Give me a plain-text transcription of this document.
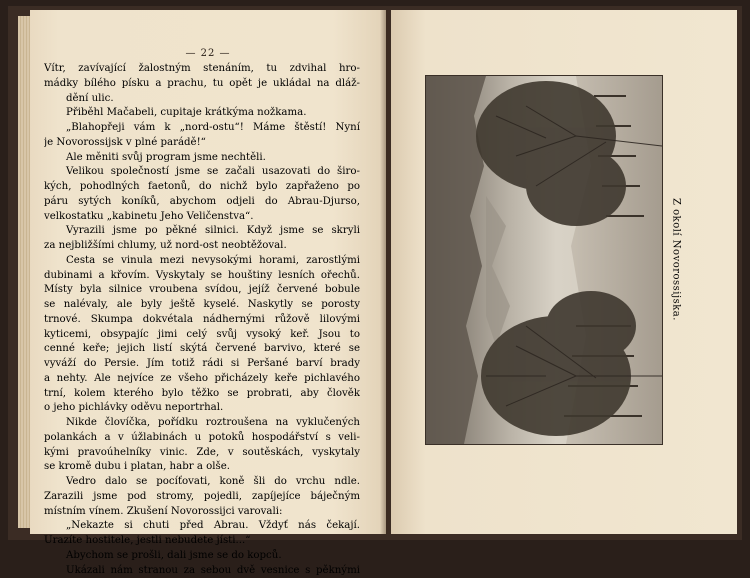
— 22 —
Vítr, zavívající žalostným stenáním, tu zdvihal hro-
mádky bílého písku a prachu, tu opět je ukládal na dláž-
dění ulic.
Přiběhl Mačabeli, cupitaje krátkýma nožkama.
„Blahopřeji vám k „nord-ostu“! Máme štěstí! Nyní
je Novorossijsk v plné parádě!“
Ale měniti svůj program jsme nechtěli.
Velikou společností jsme se začali usazovati do širo-
kých, pohodlných faetonů, do nichž bylo zapřaženo po
páru sytých koníků, abychom odjeli do Abrau-Djurso,
velkostatku „kabinetu Jeho Veličenstva“.
Vyrazili jsme po pěkné silnici. Když jsme se skryli
za nejbližšími chlumy, už nord-ost neobtěžoval.
Cesta se vinula mezi nevysokými horami, zarostlými
dubinami a křovím. Vyskytaly se houštiny lesních ořechů.
Místy byla silnice vroubena svídou, jejíž červené bobule
se nalévaly, ale byly ještě kyselé. Naskytly se porosty
trnové. Skumpa dokvétala nádhernými růžově lilovými
kyticemi, obsypajíc jimi celý svůj vysoký keř. Jsou to
cenné keře; jejich listí skýtá červené barvivo, které se
vyváží do Persie. Jím totiž rádi si Peršané barví brady
a nehty. Ale nejvíce ze všeho přicházely keře pichlavého
trní, kolem kterého bylo těžko se probrati, aby člověk
o jeho pichlávky oděvu neportrhal.
Nikde človíčka, pořídku roztroušena na vyklučených
polankách a v úžlabinách u potoků hospodářství s veli-
kými pravoúhelníky vinic. Zde, v soutěskách, vyskytaly
se kromě dubu i platan, habr a olše.
Vedro dalo se pocíťovati, koně šli do vrchu ndle.
Zarazili jsme pod stromy, pojedli, zapíjejíce báječným
místním vínem. Zkušení Novorossijci varovali:
„Nekazte si chuti před Abrau. Vždyť nás čekají.
Urazíte hostitele, jestli nebudete jísti...“
Abychom se prošli, dali jsme se do kopců.
Ukázali nám stranou za sebou dvě vesnice s pěknými
Z okolí Novorossijska.
